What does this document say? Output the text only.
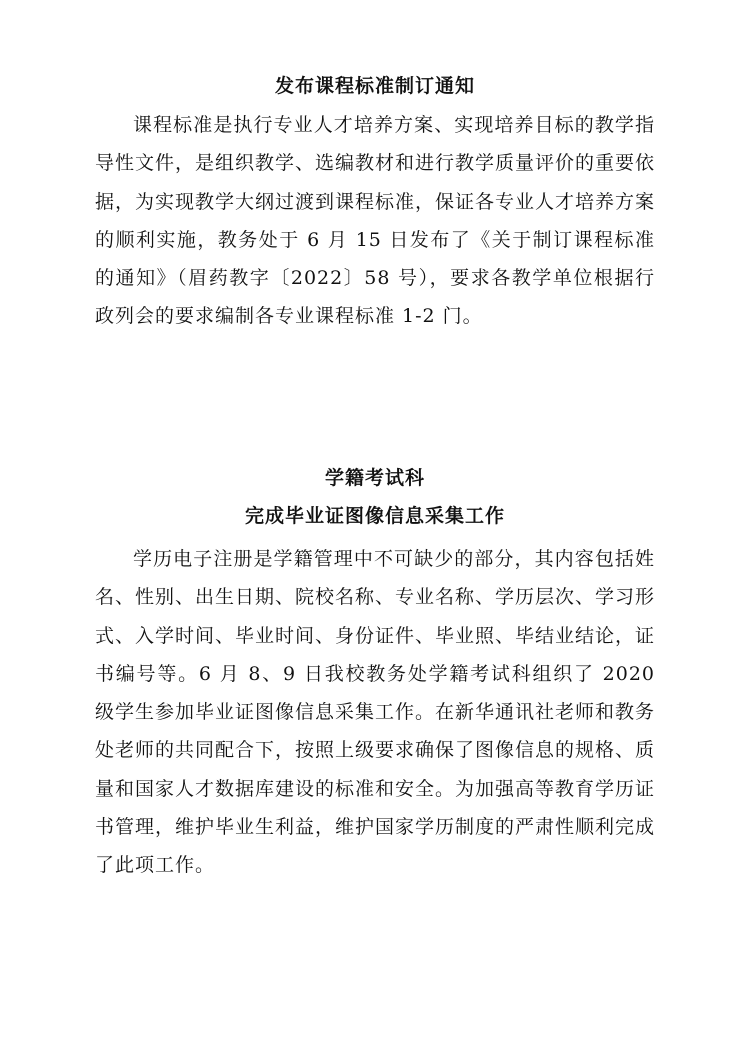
发布课程标准制订通知

课程标准是执行专业人才培养方案、实现培养目标的教学指导性文件，是组织教学、选编教材和进行教学质量评价的重要依据，为实现教学大纲过渡到课程标准，保证各专业人才培养方案的顺利实施，教务处于 6 月 15 日发布了《关于制订课程标准的通知》（眉药教字〔2022〕58 号），要求各教学单位根据行政列会的要求编制各专业课程标准 1-2 门。

学籍考试科
完成毕业证图像信息采集工作

学历电子注册是学籍管理中不可缺少的部分，其内容包括姓名、性别、出生日期、院校名称、专业名称、学历层次、学习形式、入学时间、毕业时间、身份证件、毕业照、毕结业结论，证书编号等。6 月 8、9 日我校教务处学籍考试科组织了 2020 级学生参加毕业证图像信息采集工作。在新华通讯社老师和教务处老师的共同配合下，按照上级要求确保了图像信息的规格、质量和国家人才数据库建设的标准和安全。为加强高等教育学历证书管理，维护毕业生利益，维护国家学历制度的严肃性顺利完成了此项工作。
